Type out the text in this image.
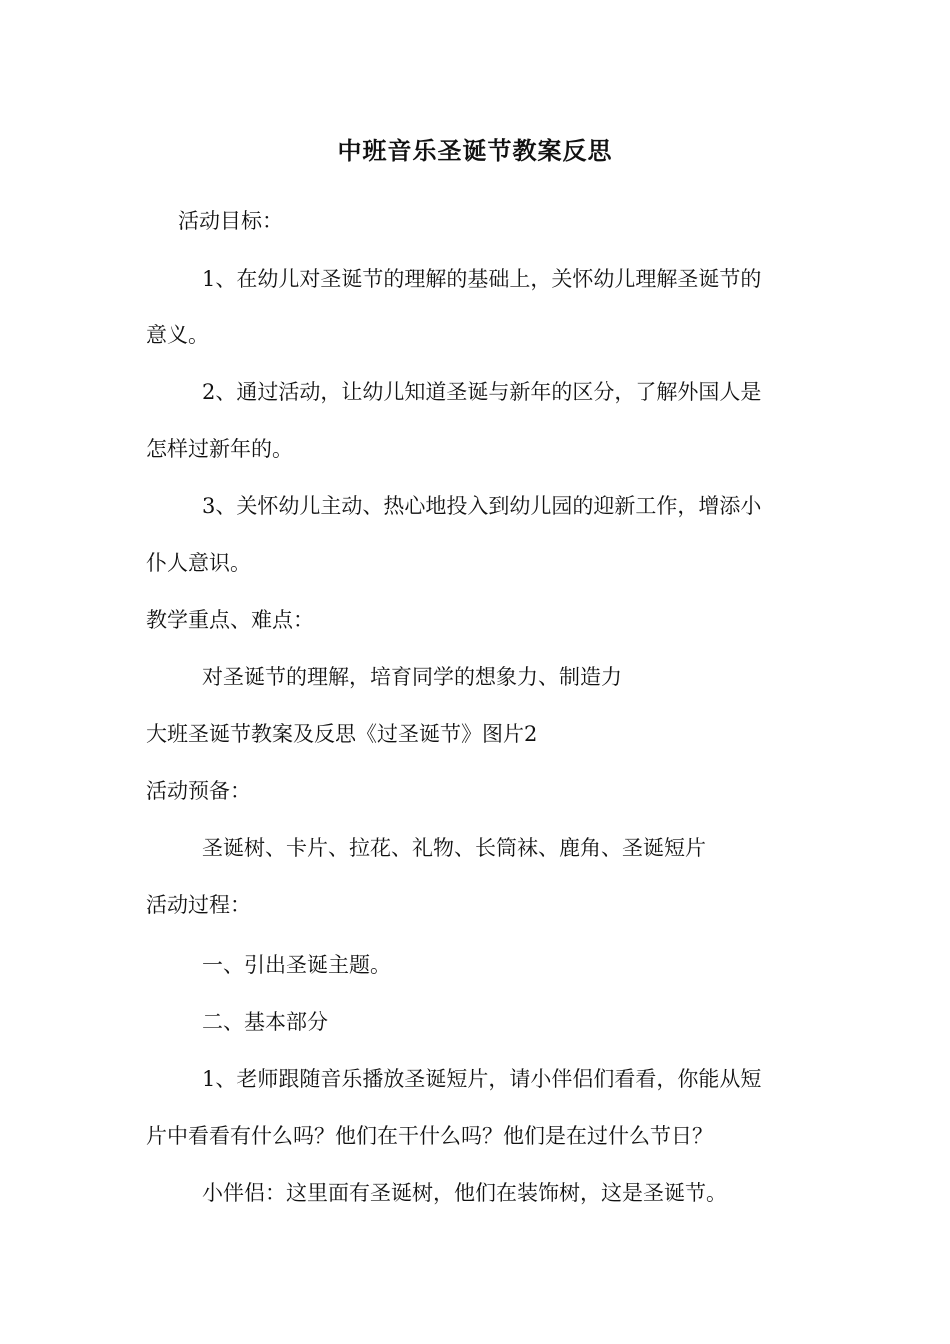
中班音乐圣诞节教案反思

活动目标：

1、在幼儿对圣诞节的理解的基础上，关怀幼儿理解圣诞节的

意义。

2、通过活动，让幼儿知道圣诞与新年的区分，了解外国人是

怎样过新年的。

3、关怀幼儿主动、热心地投入到幼儿园的迎新工作，增添小

仆人意识。

教学重点、难点：

对圣诞节的理解，培育同学的想象力、制造力

大班圣诞节教案及反思《过圣诞节》图片2

活动预备：

圣诞树、卡片、拉花、礼物、长筒袜、鹿角、圣诞短片

活动过程：

一、引出圣诞主题。

二、基本部分

1、老师跟随音乐播放圣诞短片，请小伴侣们看看，你能从短

片中看看有什么吗？他们在干什么吗？他们是在过什么节日？

小伴侣：这里面有圣诞树，他们在装饰树，这是圣诞节。
